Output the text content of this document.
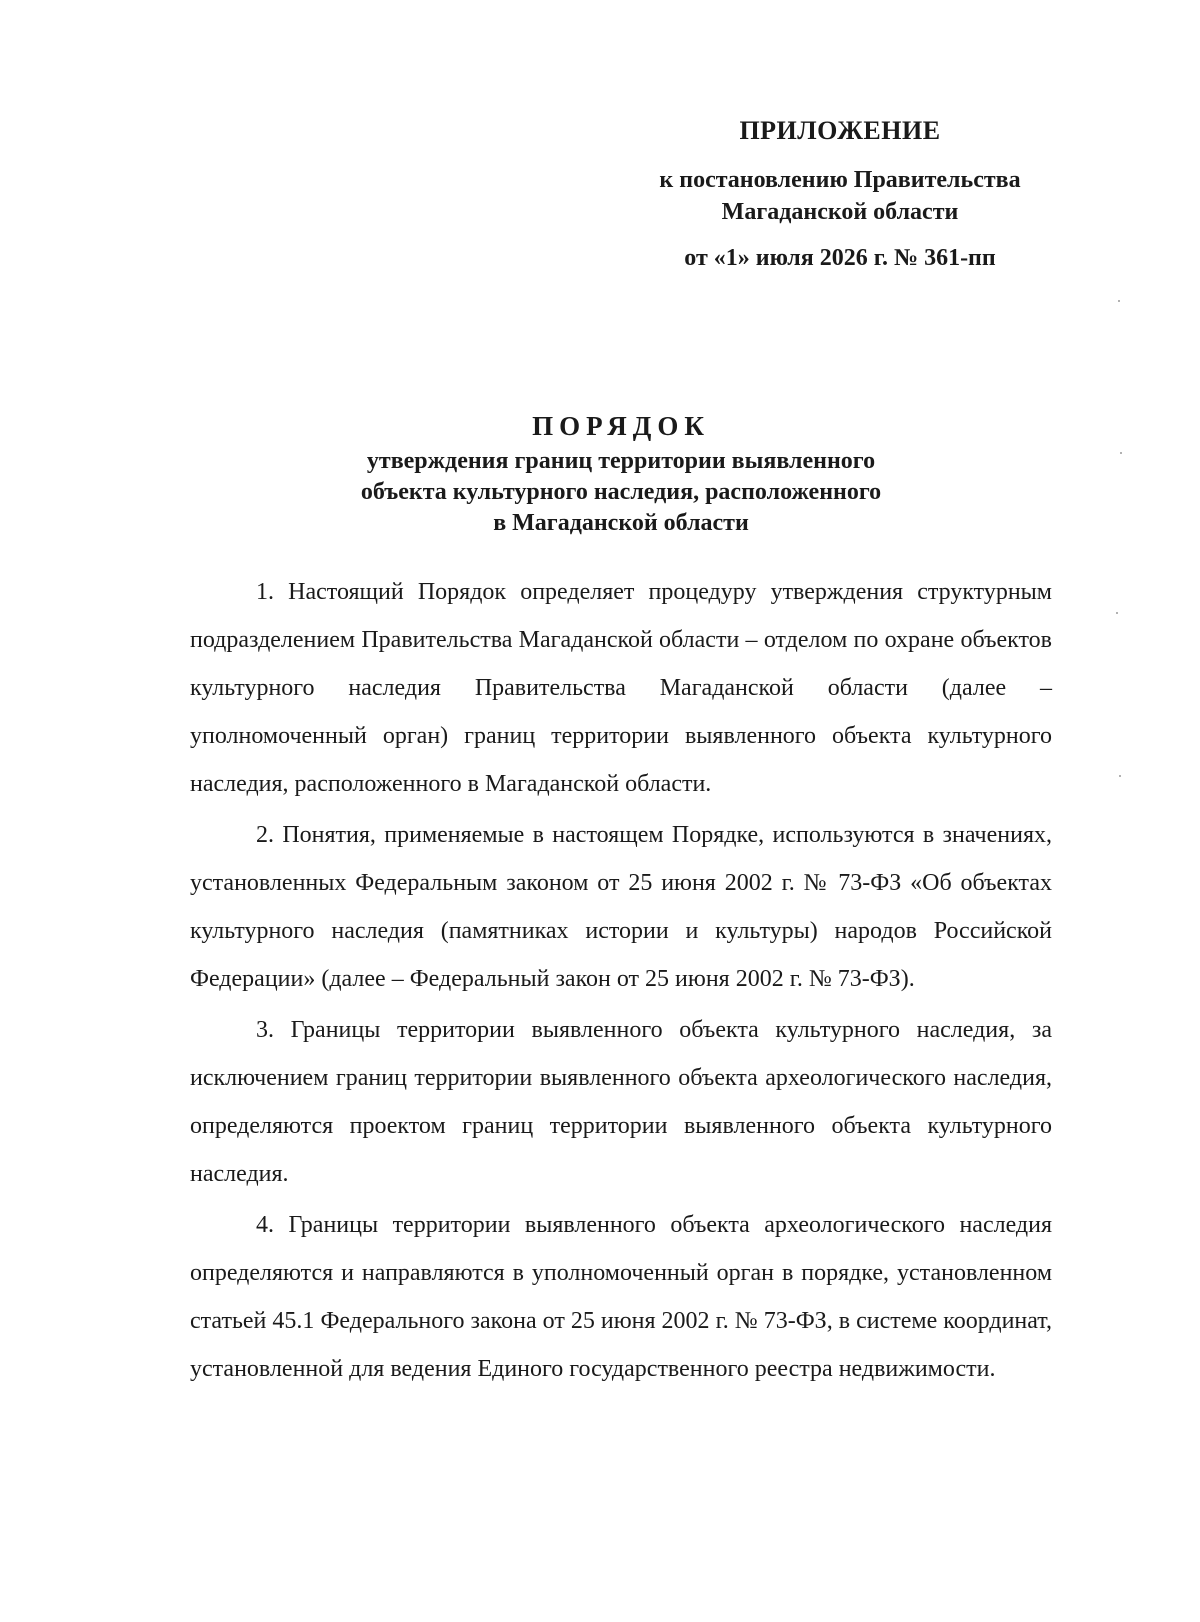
ПРИЛОЖЕНИЕ
к постановлению Правительства
Магаданской области
от «1» июля 2026 г. № 361-пп
ПОРЯДОК
утверждения границ территории выявленного
объекта культурного наследия, расположенного
в Магаданской области

1. Настоящий Порядок определяет процедуру утверждения структурным подразделением Правительства Магаданской области – отделом по охране объектов культурного наследия Правительства Магаданской области (далее – уполномоченный орган) границ территории выявленного объекта культурного наследия, расположенного в Магаданской области.

2. Понятия, применяемые в настоящем Порядке, используются в значениях, установленных Федеральным законом от 25 июня 2002 г. № 73-ФЗ «Об объектах культурного наследия (памятниках истории и культуры) народов Российской Федерации» (далее – Федеральный закон от 25 июня 2002 г. № 73-ФЗ).

3. Границы территории выявленного объекта культурного наследия, за исключением границ территории выявленного объекта археологического наследия, определяются проектом границ территории выявленного объекта культурного наследия.

4. Границы территории выявленного объекта археологического наследия определяются и направляются в уполномоченный орган в порядке, установленном статьей 45.1 Федерального закона от 25 июня 2002 г. № 73-ФЗ, в системе координат, установленной для ведения Единого государственного реестра недвижимости.
